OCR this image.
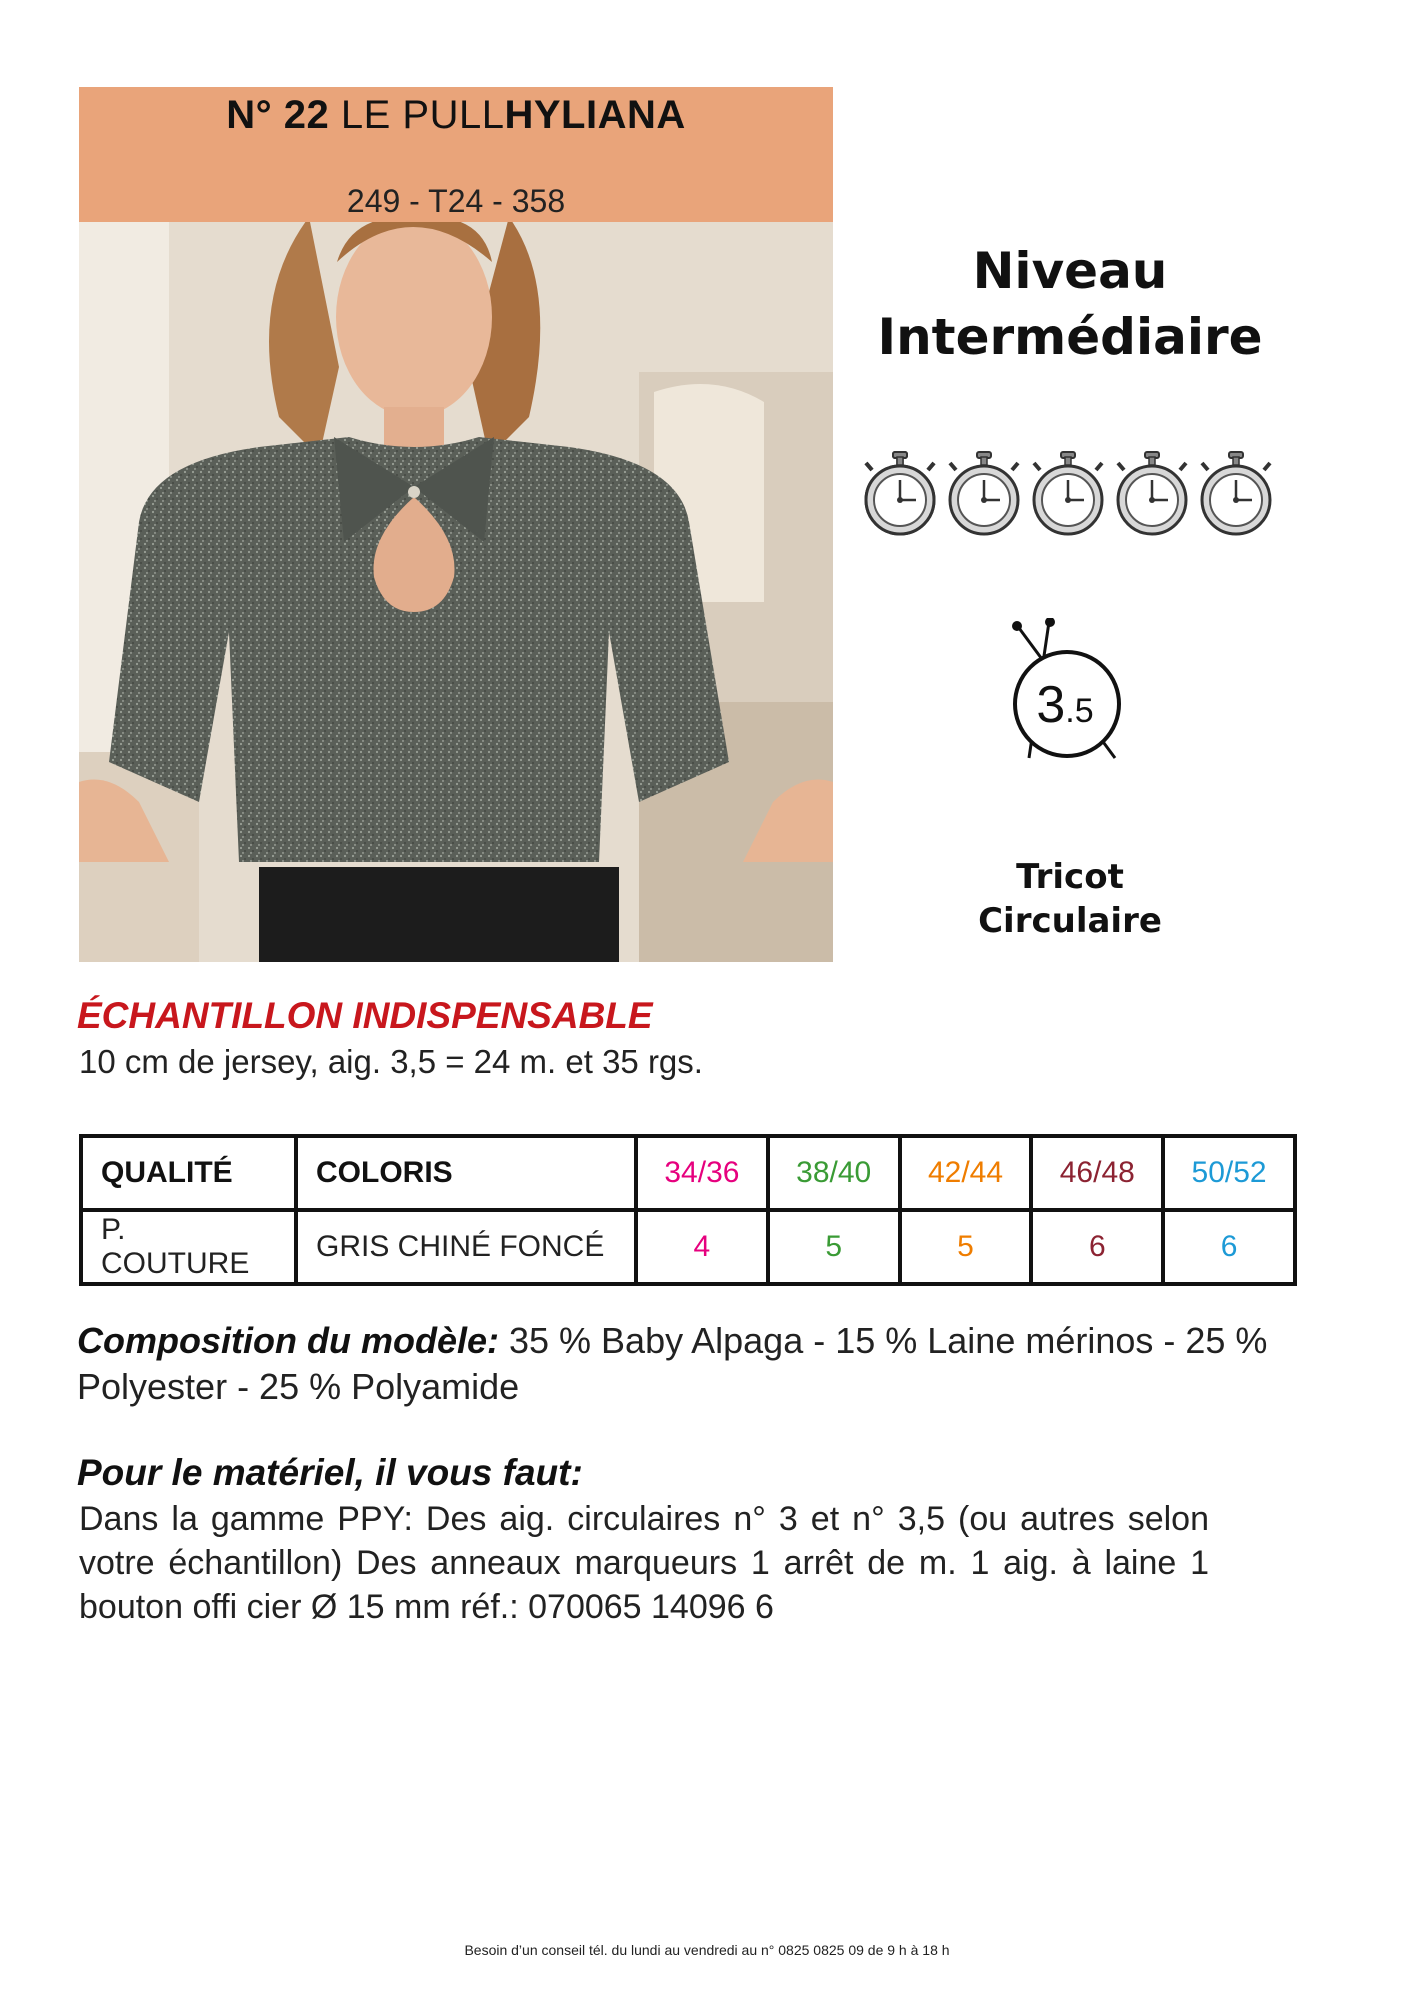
N° 22 LE PULLHYLIANA
249 - T24 - 358
Niveau
Intermédiaire
3.5
Tricot
Circulaire
ÉCHANTILLON INDISPENSABLE
10 cm de jersey, aig. 3,5 = 24 m. et 35 rgs.
QUALITÉ	COLORIS	34/36	38/40	42/44	46/48	50/52
P. COUTURE	GRIS CHINÉ FONCÉ	4	5	5	6	6
Composition du modèle: 35 % Baby Alpaga - 15 % Laine mérinos - 25 % Polyester - 25 % Polyamide
Pour le matériel, il vous faut:
Dans la gamme PPY: Des aig. circulaires n° 3 et n° 3,5 (ou autres selon votre échantillon) Des anneaux marqueurs 1 arrêt de m. 1 aig. à laine 1 bouton offi cier Ø 15 mm réf.: 070065 14096 6
Besoin d’un conseil tél. du lundi au vendredi au n° 0825 0825 09 de 9 h à 18 h
